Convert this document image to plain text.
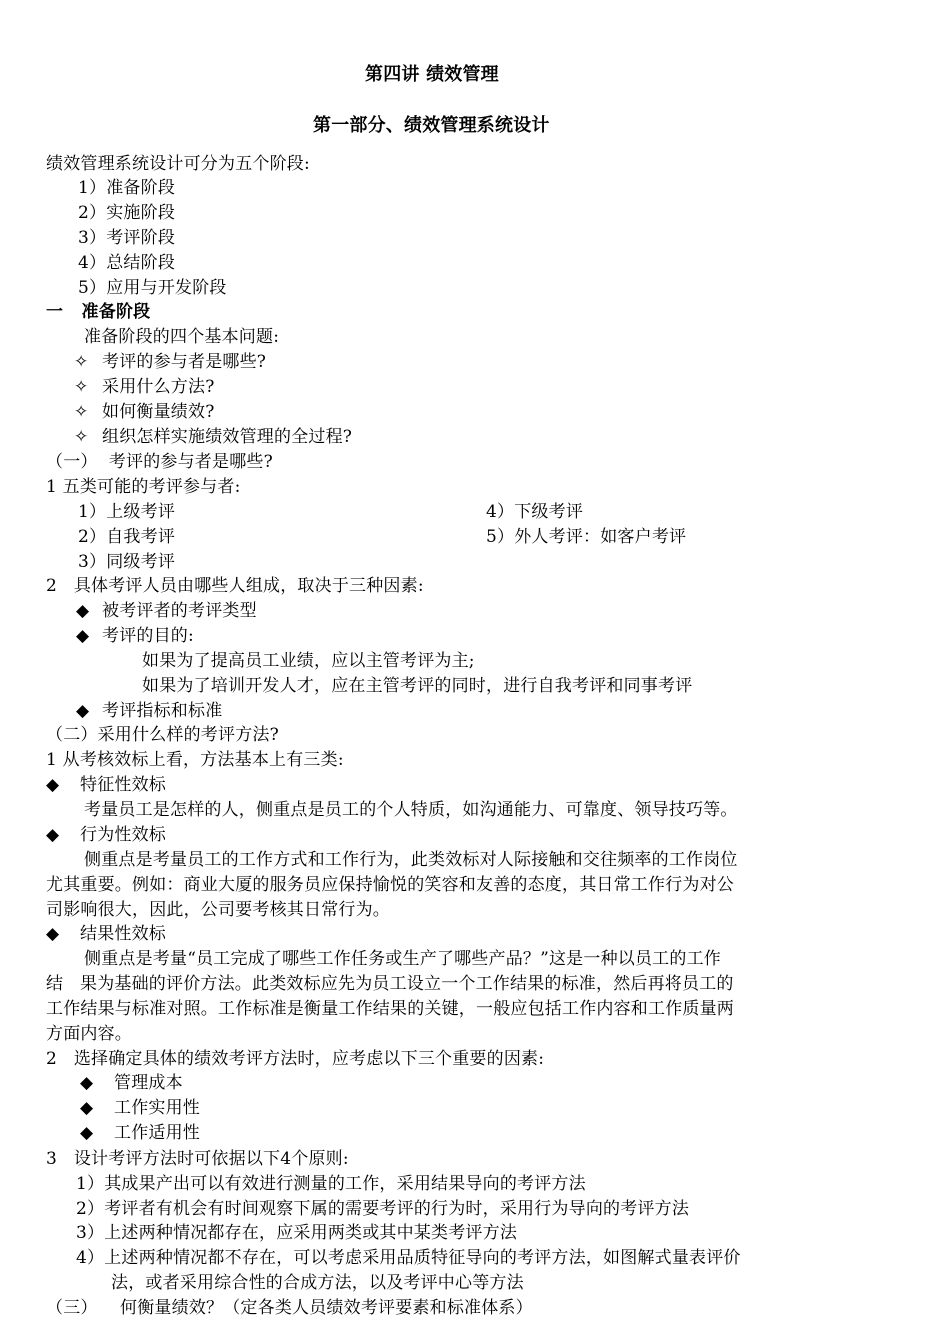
第四讲 绩效管理
第一部分、绩效管理系统设计
绩效管理系统设计可分为五个阶段:
1）准备阶段
2）实施阶段
3）考评阶段
4）总结阶段
5）应用与开发阶段
一   准备阶段
准备阶段的四个基本问题:
✧ 考评的参与者是哪些?
✧ 采用什么方法?
✧ 如何衡量绩效?
✧ 组织怎样实施绩效管理的全过程?
（一）  考评的参与者是哪些?
1 五类可能的考评参与者:
1）上级考评
2）自我考评
3）同级考评
4）下级考评
5）外人考评：如客户考评
2   具体考评人员由哪些人组成，取决于三种因素:
◆ 被考评者的考评类型
◆ 考评的目的:
如果为了提高员工业绩，应以主管考评为主;
如果为了培训开发人才，应在主管考评的同时，进行自我考评和同事考评
◆ 考评指标和标准
（二）采用什么样的考评方法?
1 从考核效标上看，方法基本上有三类:
◆ 特征性效标
考量员工是怎样的人，侧重点是员工的个人特质，如沟通能力、可靠度、领导技巧等。
◆ 行为性效标
侧重点是考量员工的工作方式和工作行为，此类效标对人际接触和交往频率的工作岗位
尤其重要。例如：商业大厦的服务员应保持愉悦的笑容和友善的态度，其日常工作行为对公
司影响很大，因此，公司要考核其日常行为。
◆ 结果性效标
侧重点是考量“员工完成了哪些工作任务或生产了哪些产品？”这是一种以员工的工作
结   果为基础的评价方法。此类效标应先为员工设立一个工作结果的标准，然后再将员工的
工作结果与标准对照。工作标准是衡量工作结果的关键，一般应包括工作内容和工作质量两
方面内容。
2   选择确定具体的绩效考评方法时，应考虑以下三个重要的因素:
◆ 管理成本
◆ 工作实用性
◆ 工作适用性
3   设计考评方法时可依据以下4个原则:
1）其成果产出可以有效进行测量的工作，采用结果导向的考评方法
2）考评者有机会有时间观察下属的需要考评的行为时，采用行为导向的考评方法
3）上述两种情况都存在，应采用两类或其中某类考评方法
4）上述两种情况都不存在，可以考虑采用品质特征导向的考评方法，如图解式量表评价
法，或者采用综合性的合成方法，以及考评中心等方法
（三）    何衡量绩效？（定各类人员绩效考评要素和标准体系）
